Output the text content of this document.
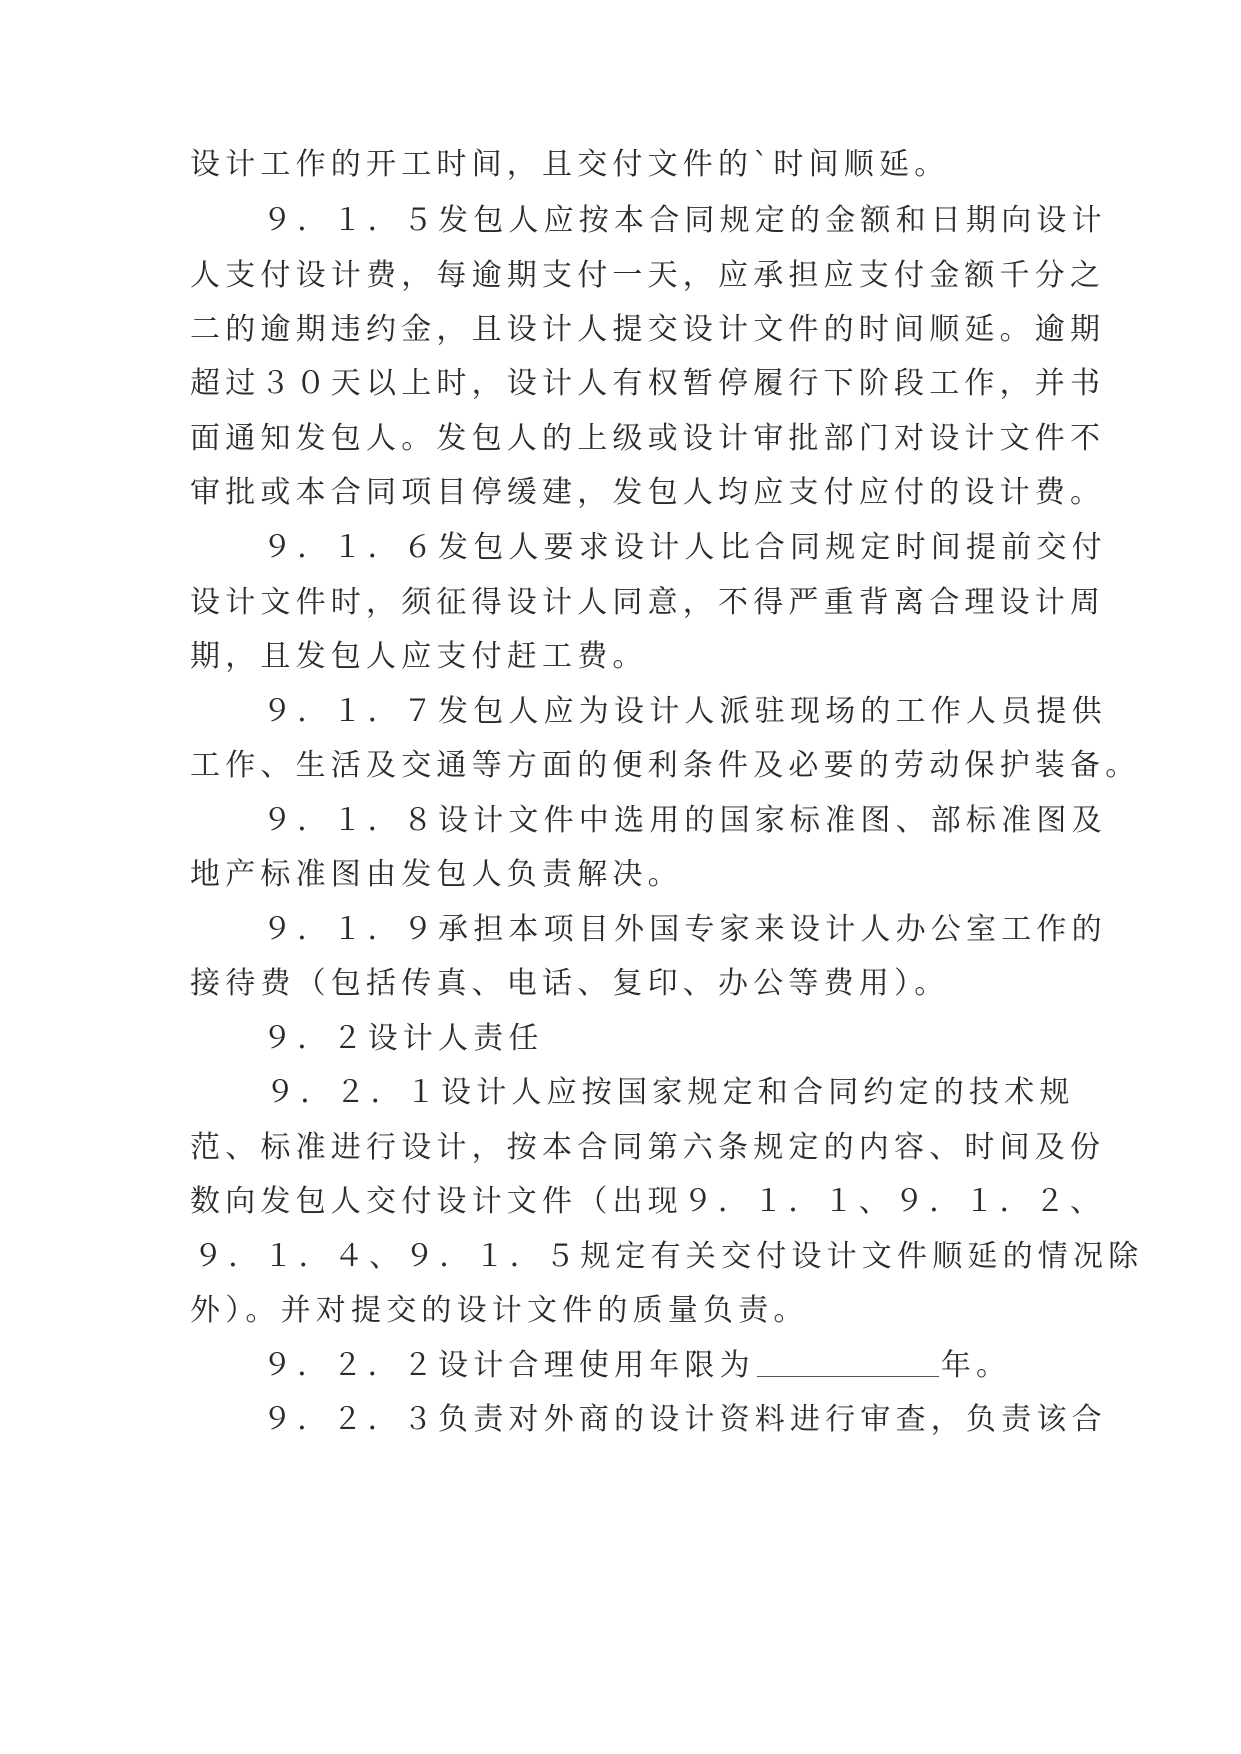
设计工作的开工时间，且交付文件的`时间顺延。
９．１．５发包人应按本合同规定的金额和日期向设计
人支付设计费，每逾期支付一天，应承担应支付金额千分之
二的逾期违约金，且设计人提交设计文件的时间顺延。逾期
超过３０天以上时，设计人有权暂停履行下阶段工作，并书
面通知发包人。发包人的上级或设计审批部门对设计文件不
审批或本合同项目停缓建，发包人均应支付应付的设计费。
９．１．６发包人要求设计人比合同规定时间提前交付
设计文件时，须征得设计人同意，不得严重背离合理设计周
期，且发包人应支付赶工费。
９．１．７发包人应为设计人派驻现场的工作人员提供
工作、生活及交通等方面的便利条件及必要的劳动保护装备。
９．１．８设计文件中选用的国家标准图、部标准图及
地产标准图由发包人负责解决。
９．１．９承担本项目外国专家来设计人办公室工作的
接待费（包括传真、电话、复印、办公等费用）。
９．２设计人责任
９．２．１设计人应按国家规定和合同约定的技术规
范、标准进行设计，按本合同第六条规定的内容、时间及份
数向发包人交付设计文件（出现９．１．１、９．１．２、
９．１．４、９．１．５规定有关交付设计文件顺延的情况除
外）。并对提交的设计文件的质量负责。
９．２．２设计合理使用年限为	年。
９．２．３负责对外商的设计资料进行审查，负责该合
